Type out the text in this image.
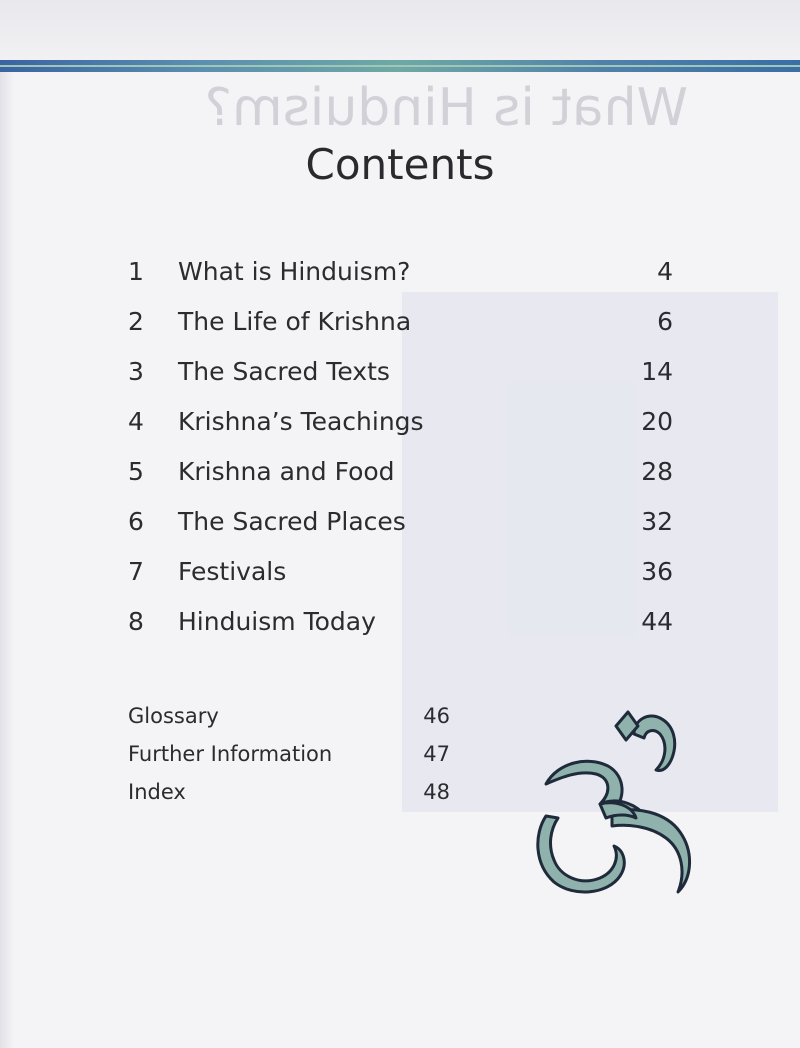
What is Hinduism?
Contents
1 What is Hinduism?	4
2 The Life of Krishna	6
3 The Sacred Texts	14
4 Krishna’s Teachings	20
5 Krishna and Food	28
6 The Sacred Places	32
7 Festivals	36
8 Hinduism Today	44
Glossary	46
Further Information	47
Index	48
